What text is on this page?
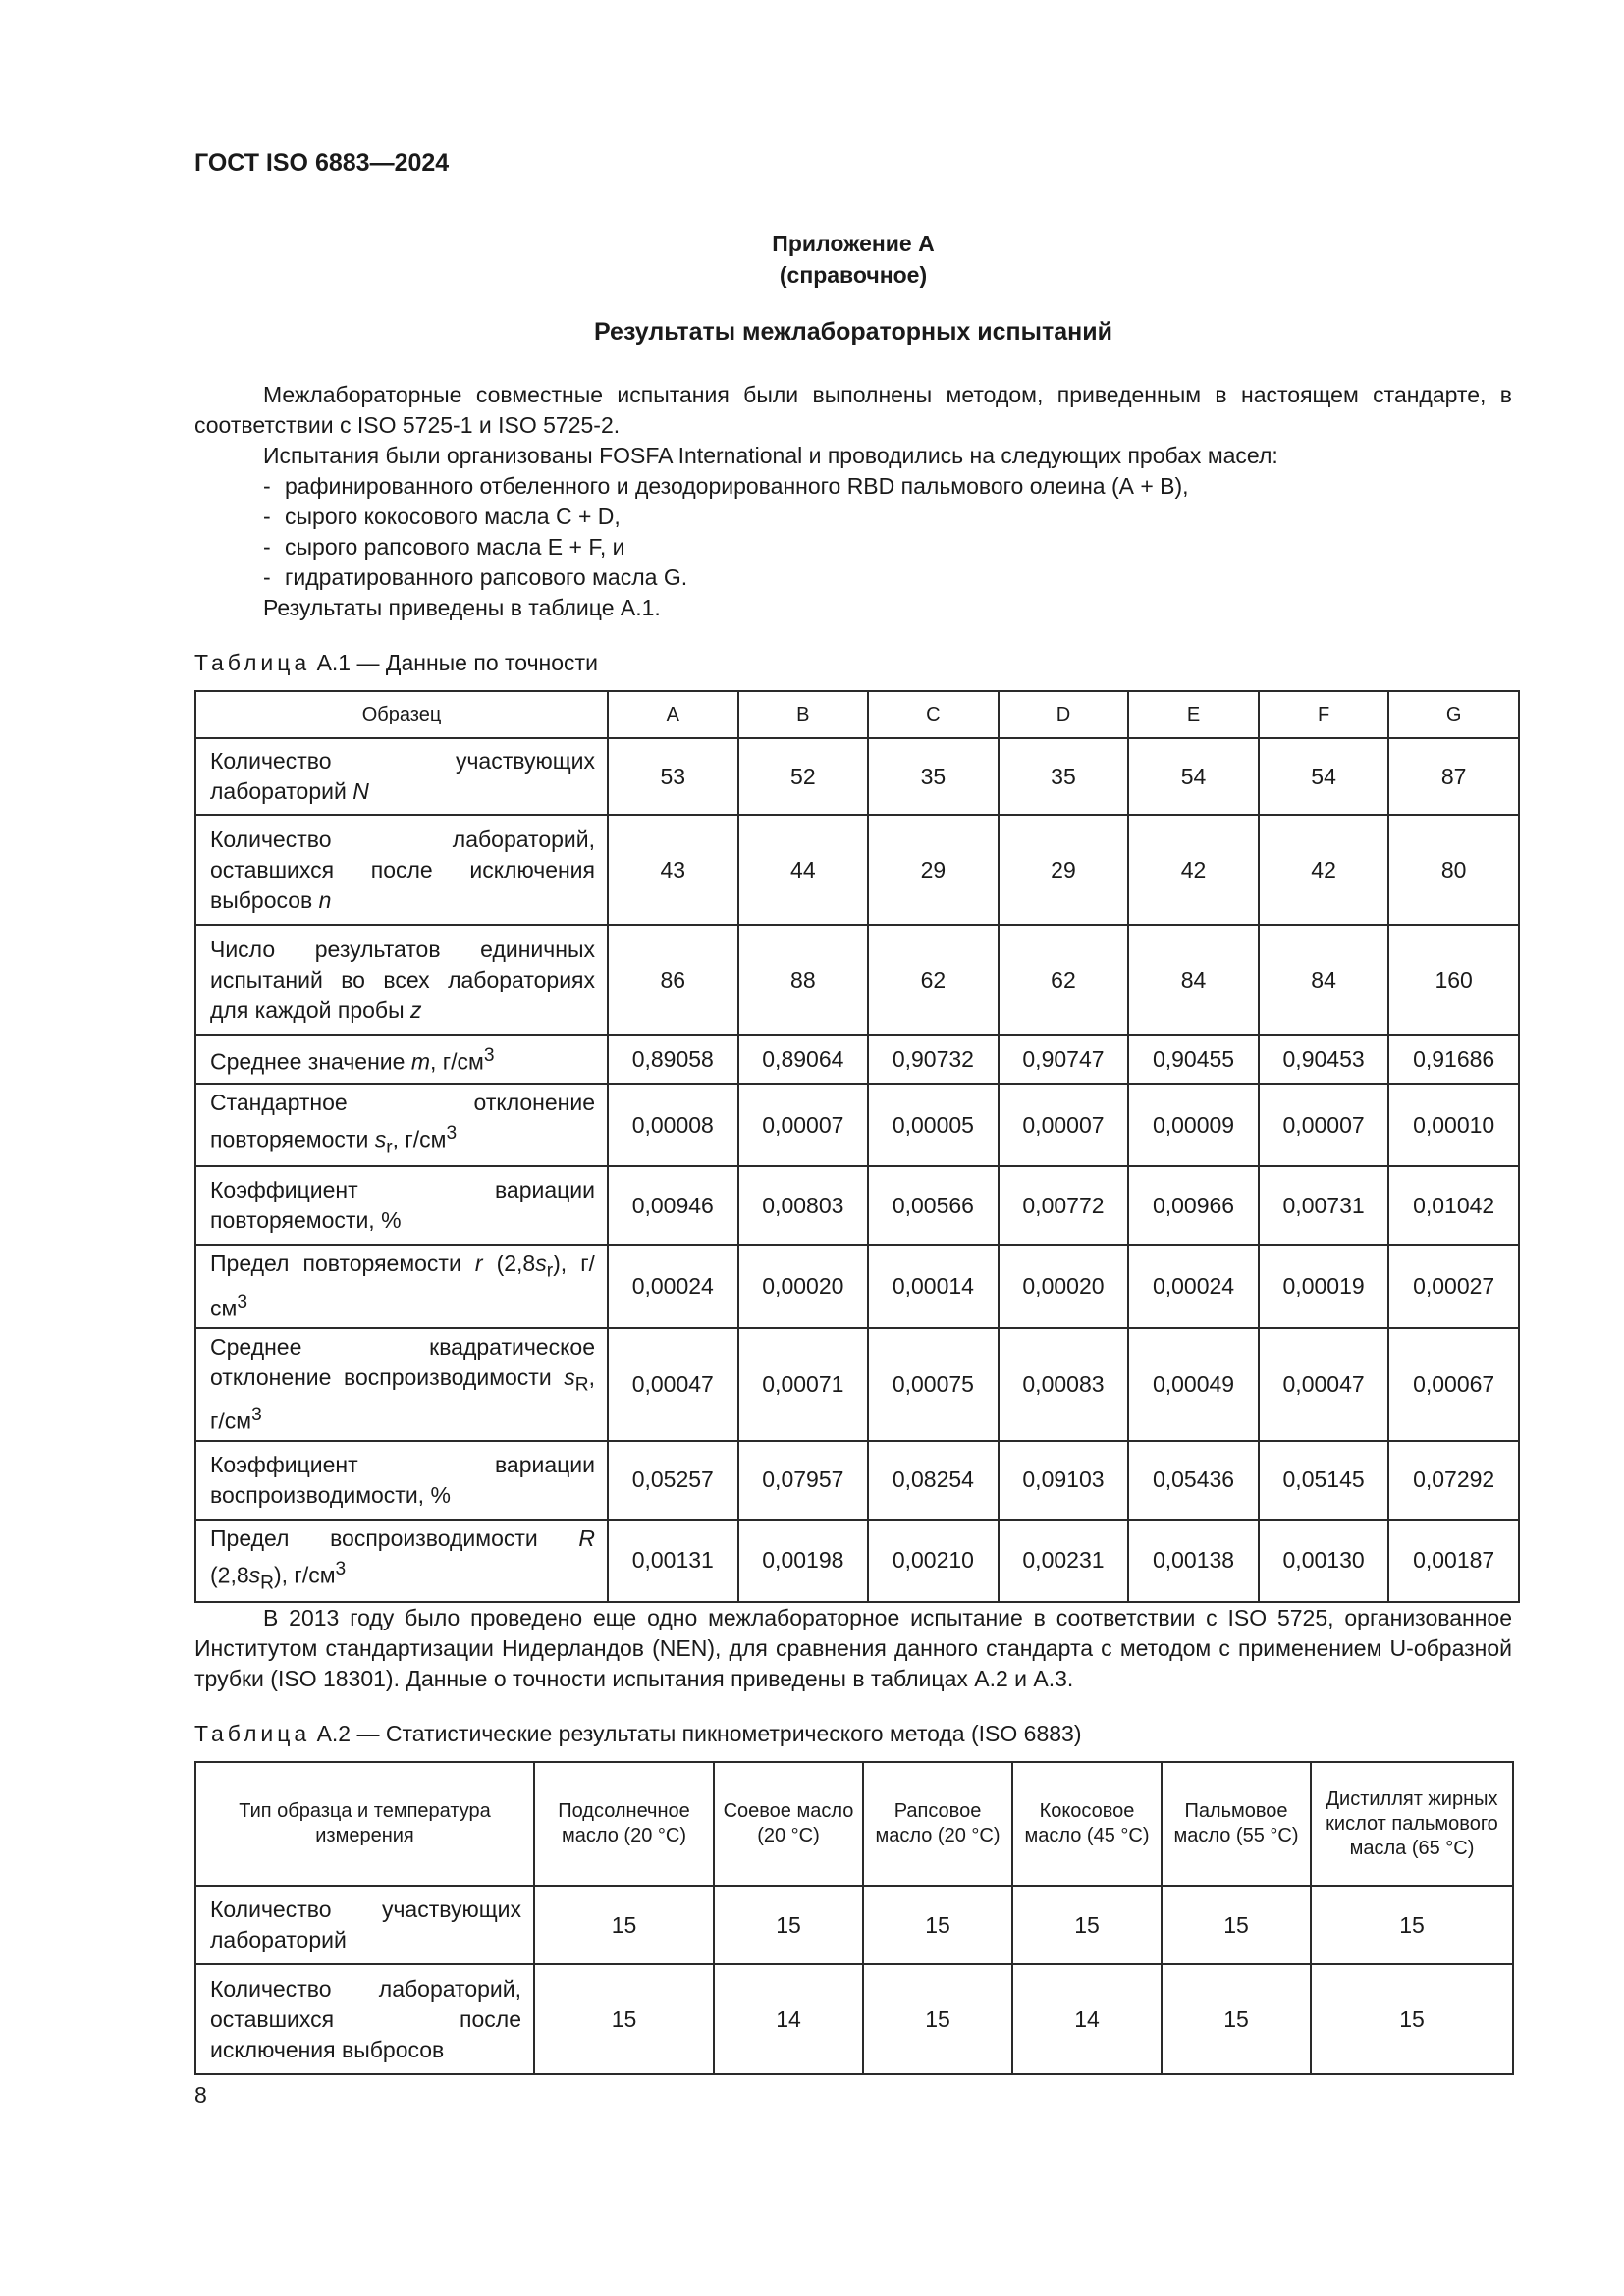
ГОСТ ISO 6883—2024
Приложение А
(справочное)
Результаты межлабораторных испытаний

Межлабораторные совместные испытания были выполнены методом, приведенным в настоящем стандарте, в соответствии с ISO 5725-1 и ISO 5725-2.

Испытания были организованы FOSFA International и проводились на следующих пробах масел:

- рафинированного отбеленного и дезодорированного RBD пальмового олеина (А + В),
- сырого кокосового масла С + D,
- сырого рапсового масла Е + F, и
- гидратированного рапсового масла G.

Результаты приведены в таблице А.1.

Таблица А.1 — Данные по точности
Образец	A	B	C	D	E	F	G
Количество участвующих лабораторий N	53	52	35	35	54	54	87
Количество лабораторий, оставшихся после исключения выбросов n	43	44	29	29	42	42	80
Число результатов единичных испытаний во всех лабораториях для каждой пробы z	86	88	62	62	84	84	160
Среднее значение m, $г/см^3$	0,89058	0,89064	0,90732	0,90747	0,90455	0,90453	0,91686
Стандартное отклонение повторяемости $s_r$, $г/см^3$	0,00008	0,00007	0,00005	0,00007	0,00009	0,00007	0,00010
Коэффициент вариации повторяемости, %	0,00946	0,00803	0,00566	0,00772	0,00966	0,00731	0,01042
Предел повторяемости r $(2,8s_r)$, $г/см^3$	0,00024	0,00020	0,00014	0,00020	0,00024	0,00019	0,00027
Среднее квадратическое отклонение воспроизводимости $s_R$, $г/см^3$	0,00047	0,00071	0,00075	0,00083	0,00049	0,00047	0,00067
Коэффициент вариации воспроизводимости, %	0,05257	0,07957	0,08254	0,09103	0,05436	0,05145	0,07292
Предел воспроизводимости R $(2,8s_R)$, $г/см^3$	0,00131	0,00198	0,00210	0,00231	0,00138	0,00130	0,00187

В 2013 году было проведено еще одно межлабораторное испытание в соответствии с ISO 5725, организованное Институтом стандартизации Нидерландов (NEN), для сравнения данного стандарта с методом с применением U-образной трубки (ISO 18301). Данные о точности испытания приведены в таблицах А.2 и А.3.

Таблица А.2 — Статистические результаты пикнометрического метода (ISO 6883)
Тип образца и температура измерения	Подсолнечное масло (20 °С)	Соевое масло (20 °С)	Рапсовое масло (20 °С)	Кокосовое масло (45 °С)	Пальмовое масло (55 °С)	Дистиллят жирных кислот пальмового масла (65 °С)
Количество участвующих лабораторий	15	15	15	15	15	15
Количество лабораторий, оставшихся после исключения выбросов	15	14	15	14	15	15
8
